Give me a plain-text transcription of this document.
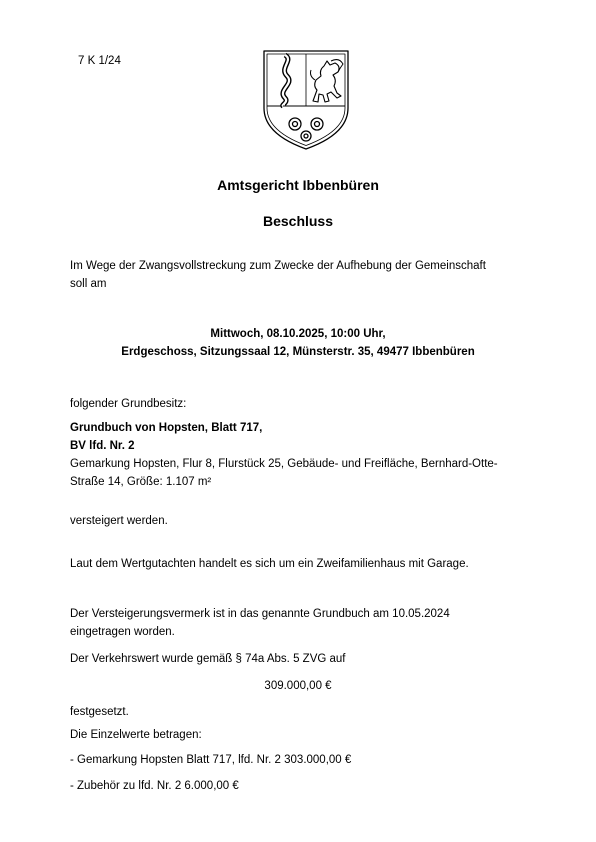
7 K 1/24
Amtsgericht Ibbenbüren
Beschluss
Im Wege der Zwangsvollstreckung zum Zwecke der Aufhebung der Gemeinschaft
soll am
Mittwoch, 08.10.2025, 10:00 Uhr,
Erdgeschoss, Sitzungssaal 12, Münsterstr. 35, 49477 Ibbenbüren
folgender Grundbesitz:
Grundbuch von Hopsten, Blatt 717,
BV lfd. Nr. 2
Gemarkung Hopsten, Flur 8, Flurstück 25, Gebäude- und Freifläche, Bernhard-Otte-
Straße 14, Größe: 1.107 m²
versteigert werden.
Laut dem Wertgutachten handelt es sich um ein Zweifamilienhaus mit Garage.
Der Versteigerungsvermerk ist in das genannte Grundbuch am 10.05.2024
eingetragen worden.
Der Verkehrswert wurde gemäß § 74a Abs. 5 ZVG auf
309.000,00 €
festgesetzt.
Die Einzelwerte betragen:
- Gemarkung Hopsten Blatt 717, lfd. Nr. 2 303.000,00 €
- Zubehör zu lfd. Nr. 2 6.000,00 €
